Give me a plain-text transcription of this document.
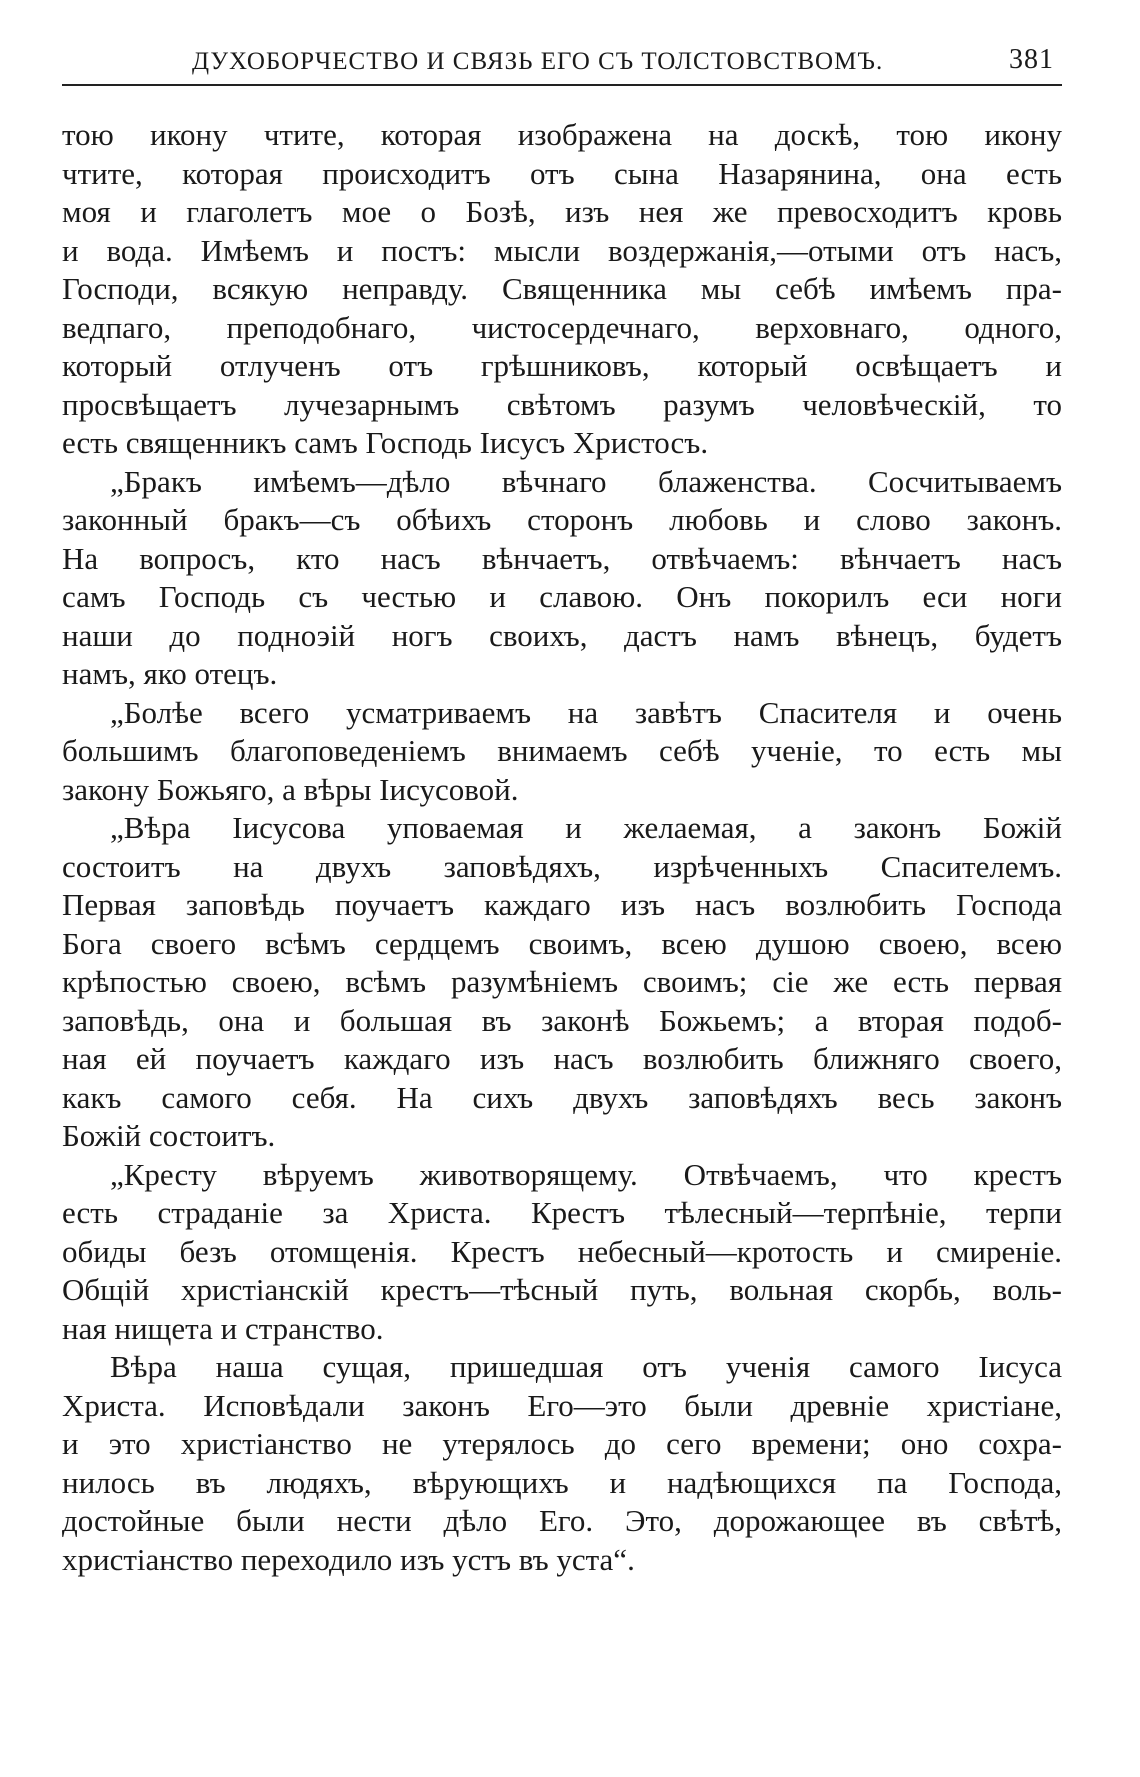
ДУХОБОРЧЕСТВО И СВЯЗЬ ЕГО СЪ ТОЛСТОВСТВОМЪ.	381
тою икону чтите, которая изображена на доскѣ, тою икону
чтите, которая происходитъ отъ сына Назарянина, она есть
моя и глаголетъ мое о Бозѣ, изъ нея же превосходитъ кровь
и вода. Имѣемъ и постъ: мысли воздержанія,—отыми отъ насъ,
Господи, всякую неправду. Священника мы себѣ имѣемъ пра-
ведпаго, преподобнаго, чистосердечнаго, верховнаго, одного,
который отлученъ отъ грѣшниковъ, который освѣщаетъ и
просвѣщаетъ лучезарнымъ свѣтомъ разумъ человѣческій, то
есть священникъ самъ Господь Іисусъ Христосъ.
„Бракъ имѣемъ—дѣло вѣчнаго блаженства. Сосчитываемъ
законный бракъ—съ обѣихъ сторонъ любовь и слово законъ.
На вопросъ, кто насъ вѣнчаетъ, отвѣчаемъ: вѣнчаетъ насъ
самъ Господь съ честью и славою. Онъ покорилъ еси ноги
наши до подноэій ногъ своихъ, дастъ намъ вѣнецъ, будетъ
намъ, яко отецъ.
„Болѣе всего усматриваемъ на завѣтъ Спасителя и очень
большимъ благоповеденіемъ внимаемъ себѣ ученіе, то есть мы
закону Божьяго, а вѣры Іисусовой.
„Вѣра Іисусова уповаемая и желаемая, а законъ Божій
состоитъ на двухъ заповѣдяхъ, изрѣченныхъ Спасителемъ.
Первая заповѣдь поучаетъ каждаго изъ насъ возлюбить Господа
Бога своего всѣмъ сердцемъ своимъ, всею душою своею, всею
крѣпостью своею, всѣмъ разумѣніемъ своимъ; сіе же есть первая
заповѣдь, она и большая въ законѣ Божьемъ; а вторая подоб-
ная ей поучаетъ каждаго изъ насъ возлюбить ближняго своего,
какъ самого себя. На сихъ двухъ заповѣдяхъ весь законъ
Божій состоитъ.
„Кресту вѣруемъ животворящему. Отвѣчаемъ, что крестъ
есть страданіе за Христа. Крестъ тѣлесный—терпѣніе, терпи
обиды безъ отомщенія. Крестъ небесный—кротость и смиреніе.
Общій христіанскій крестъ—тѣсный путь, вольная скорбь, воль-
ная нищета и странство.
Вѣра наша сущая, пришедшая отъ ученія самого Іисуса
Христа. Исповѣдали законъ Его—это были древніе христіане,
и это христіанство не утерялось до сего времени; оно сохра-
нилось въ людяхъ, вѣрующихъ и надѣющихся па Господа,
достойные были нести дѣло Его. Это, дорожающее въ свѣтѣ,
христіанство переходило изъ устъ въ уста“.
